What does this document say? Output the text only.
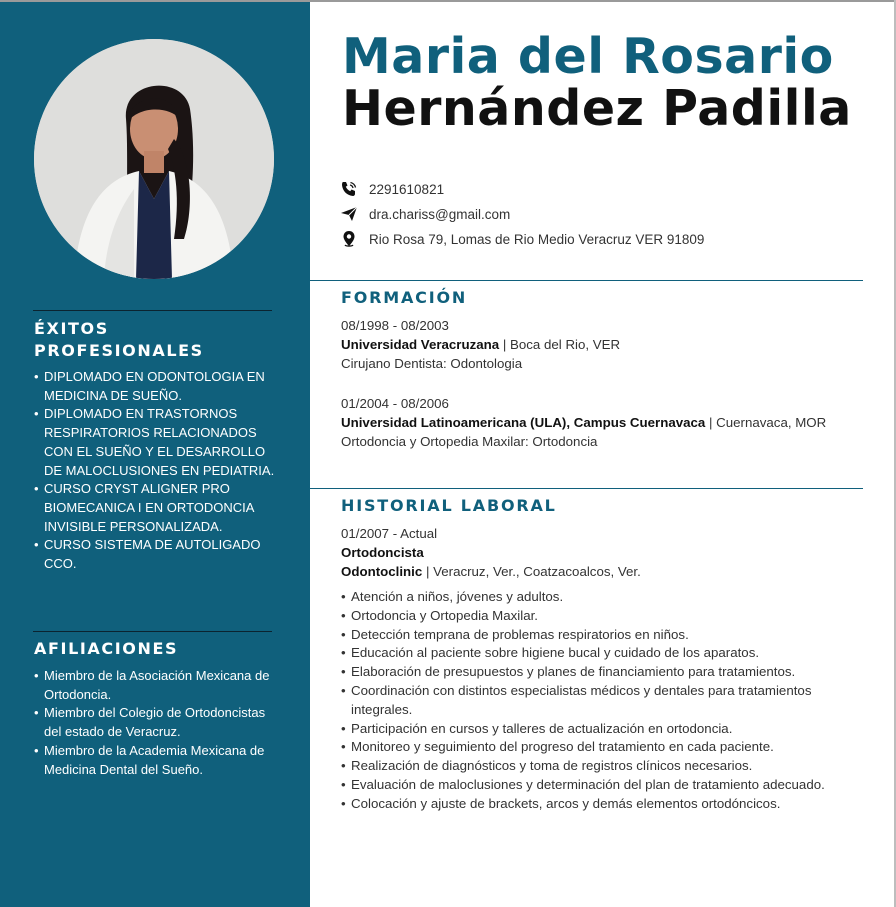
ÉXITOS PROFESIONALES
• DIPLOMADO EN ODONTOLOGIA EN MEDICINA DE SUEÑO.
• DIPLOMADO EN TRASTORNOS RESPIRATORIOS RELACIONADOS CON EL SUEÑO Y EL DESARROLLO DE MALOCLUSIONES EN PEDIATRIA.
• CURSO CRYST ALIGNER PRO BIOMECANICA I EN ORTODONCIA INVISIBLE PERSONALIZADA.
• CURSO SISTEMA DE AUTOLIGADO CCO.
AFILIACIONES
• Miembro de la Asociación Mexicana de Ortodoncia.
• Miembro del Colegio de Ortodoncistas del estado de Veracruz.
• Miembro de la Academia Mexicana de Medicina Dental del Sueño.
Maria del Rosario
Hernández Padilla
2291610821
dra.chariss@gmail.com
Rio Rosa 79, Lomas de Rio Medio Veracruz VER 91809
FORMACIÓN
08/1998 - 08/2003
Universidad Veracruzana | Boca del Rio, VER
Cirujano Dentista: Odontologia
01/2004 - 08/2006
Universidad Latinoamericana (ULA), Campus Cuernavaca | Cuernavaca, MOR
Ortodoncia y Ortopedia Maxilar: Ortodoncia
HISTORIAL LABORAL
01/2007 - Actual
Ortodoncista
Odontoclinic | Veracruz, Ver., Coatzacoalcos, Ver.
• Atención a niños, jóvenes y adultos.
• Ortodoncia y Ortopedia Maxilar.
• Detección temprana de problemas respiratorios en niños.
• Educación al paciente sobre higiene bucal y cuidado de los aparatos.
• Elaboración de presupuestos y planes de financiamiento para tratamientos.
• Coordinación con distintos especialistas médicos y dentales para tratamientos integrales.
• Participación en cursos y talleres de actualización en ortodoncia.
• Monitoreo y seguimiento del progreso del tratamiento en cada paciente.
• Realización de diagnósticos y toma de registros clínicos necesarios.
• Evaluación de maloclusiones y determinación del plan de tratamiento adecuado.
• Colocación y ajuste de brackets, arcos y demás elementos ortodóncicos.
